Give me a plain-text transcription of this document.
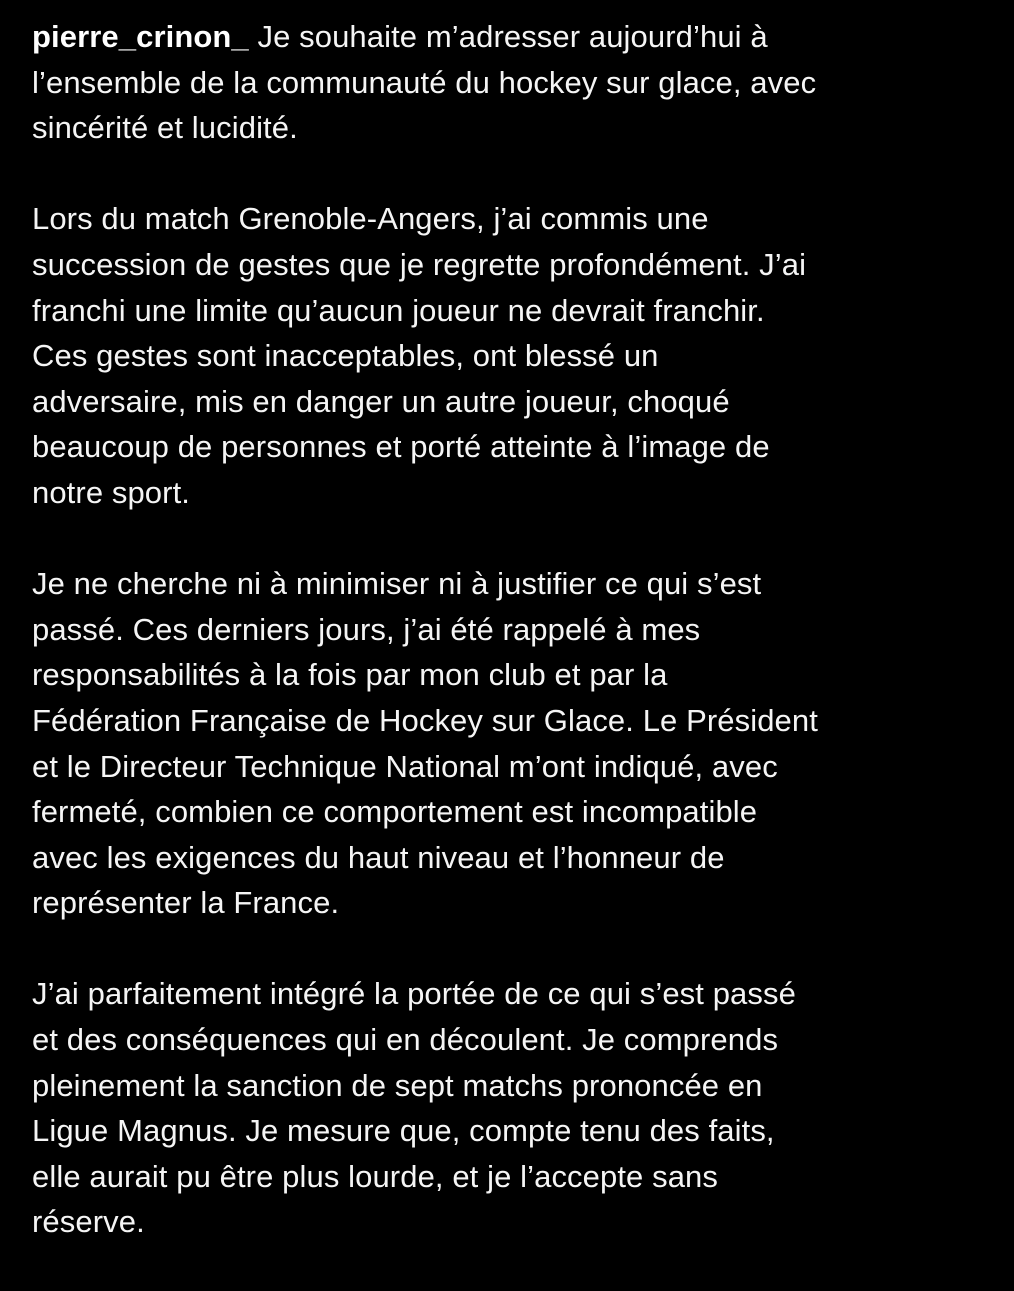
pierre_crinon_ Je souhaite m’adresser aujourd’hui à
l’ensemble de la communauté du hockey sur glace, avec
sincérité et lucidité.
Lors du match Grenoble-Angers, j’ai commis une
succession de gestes que je regrette profondément. J’ai
franchi une limite qu’aucun joueur ne devrait franchir.
Ces gestes sont inacceptables, ont blessé un
adversaire, mis en danger un autre joueur, choqué
beaucoup de personnes et porté atteinte à l’image de
notre sport.
Je ne cherche ni à minimiser ni à justifier ce qui s’est
passé. Ces derniers jours, j’ai été rappelé à mes
responsabilités à la fois par mon club et par la
Fédération Française de Hockey sur Glace. Le Président
et le Directeur Technique National m’ont indiqué, avec
fermeté, combien ce comportement est incompatible
avec les exigences du haut niveau et l’honneur de
représenter la France.
J’ai parfaitement intégré la portée de ce qui s’est passé
et des conséquences qui en découlent. Je comprends
pleinement la sanction de sept matchs prononcée en
Ligue Magnus. Je mesure que, compte tenu des faits,
elle aurait pu être plus lourde, et je l’accepte sans
réserve.
